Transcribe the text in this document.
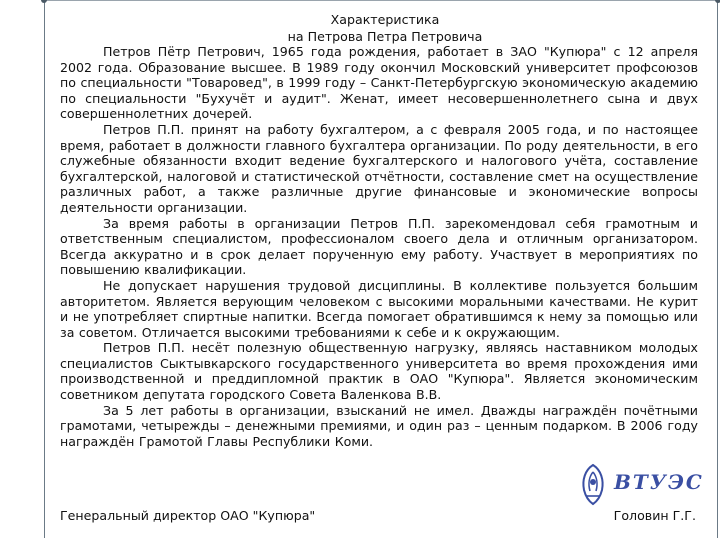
Характеристика
на Петрова Петра Петровича

Петров Пётр Петрович, 1965 года рождения, работает в ЗАО "Купюра" с 12 апреля 2002 года. Образование высшее. В 1989 году окончил Московский университет профсоюзов по специальности "Товаровед", в 1999 году – Санкт-Петербургскую экономическую академию по специальности "Бухучёт и аудит". Женат, имеет несовершеннолетнего сына и двух совершеннолетних дочерей.

Петров П.П. принят на работу бухгалтером, а с февраля 2005 года, и по настоящее время, работает в должности главного бухгалтера организации. По роду деятельности, в его служебные обязанности входит ведение бухгалтерского и налогового учёта, составление бухгалтерской, налоговой и статистической отчётности, составление смет на осуществление различных работ, а также различные другие финансовые и экономические вопросы деятельности организации.

За время работы в организации Петров П.П. зарекомендовал себя грамотным и ответственным специалистом, профессионалом своего дела и отличным организатором. Всегда аккуратно и в срок делает порученную ему работу. Участвует в мероприятиях по повышению квалификации.

Не допускает нарушения трудовой дисциплины. В коллективе пользуется большим авторитетом. Является верующим человеком с высокими моральными качествами. Не курит и не употребляет спиртные напитки. Всегда помогает обратившимся к нему за помощью или за советом. Отличается высокими требованиями к себе и к окружающим.

Петров П.П. несёт полезную общественную нагрузку, являясь наставником молодых специалистов Сыктывкарского государственного университета во время прохождения ими производственной и преддипломной практик в ОАО "Купюра". Является экономическим советником депутата городского Совета Валенкова В.В.

За 5 лет работы в организации, взысканий не имел. Дважды награждён почётными грамотами, четырежды – денежными премиями, и один раз – ценным подарком. В 2006 году награждён Грамотой Главы Республики Коми.

ВТУЭС
Генеральный директор ОАО "Купюра"	Головин Г.Г.
